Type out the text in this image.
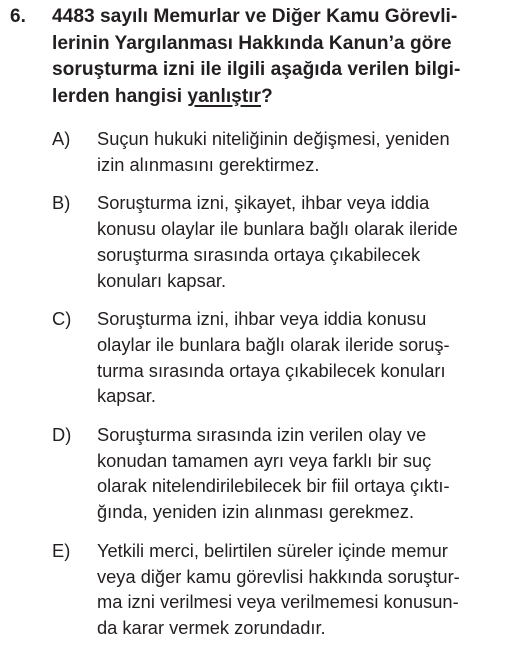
6. 4483 sayılı Memurlar ve Diğer Kamu Görevli-
lerinin Yargılanması Hakkında Kanun’a göre
soruşturma izni ile ilgili aşağıda verilen bilgi-
lerden hangisi yanlıştır?
A) Suçun hukuki niteliğinin değişmesi, yeniden
izin alınmasını gerektirmez.
B) Soruşturma izni, şikayet, ihbar veya iddia
konusu olaylar ile bunlara bağlı olarak ileride
soruşturma sırasında ortaya çıkabilecek
konuları kapsar.
C) Soruşturma izni, ihbar veya iddia konusu
olaylar ile bunlara bağlı olarak ileride soruş-
turma sırasında ortaya çıkabilecek konuları
kapsar.
D) Soruşturma sırasında izin verilen olay ve
konudan tamamen ayrı veya farklı bir suç
olarak nitelendirilebilecek bir fiil ortaya çıktı-
ğında, yeniden izin alınması gerekmez.
E) Yetkili merci, belirtilen süreler içinde memur
veya diğer kamu görevlisi hakkında soruştur-
ma izni verilmesi veya verilmemesi konusun-
da karar vermek zorundadır.
